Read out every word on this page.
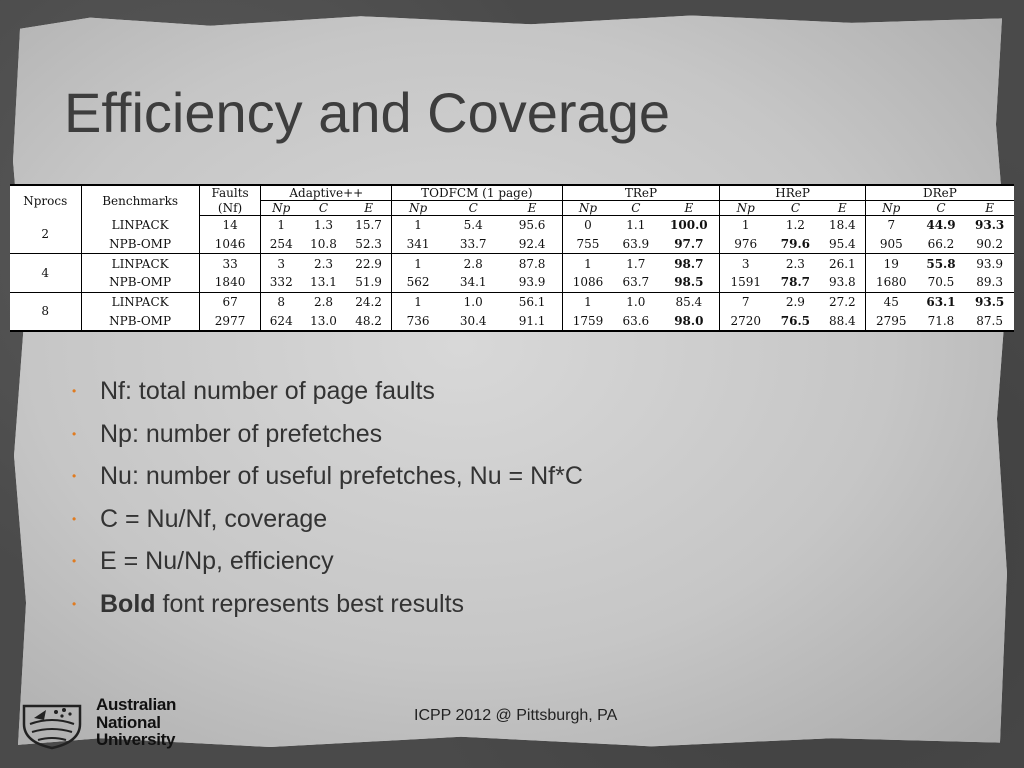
Efficiency and Coverage
Nprocs	Benchmarks	Faults	Adaptive++			TODFCM (1 page)			TReP			HReP			DReP		
		(Nf)	Np	C	E	Np	C	E	Np	C	E	Np	C	E	Np	C	E
2	LINPACK	14	1	1.3	15.7	1	5.4	95.6	0	1.1	100.0	1	1.2	18.4	7	44.9	93.3
	NPB-OMP	1046	254	10.8	52.3	341	33.7	92.4	755	63.9	97.7	976	79.6	95.4	905	66.2	90.2
4	LINPACK	33	3	2.3	22.9	1	2.8	87.8	1	1.7	98.7	3	2.3	26.1	19	55.8	93.9
	NPB-OMP	1840	332	13.1	51.9	562	34.1	93.9	1086	63.7	98.5	1591	78.7	93.8	1680	70.5	89.3
8	LINPACK	67	8	2.8	24.2	1	1.0	56.1	1	1.0	85.4	7	2.9	27.2	45	63.1	93.5
	NPB-OMP	2977	624	13.0	48.2	736	30.4	91.1	1759	63.6	98.0	2720	76.5	88.4	2795	71.8	87.5
• Nf: total number of page faults
• Np: number of prefetches
• Nu: number of useful prefetches, Nu = Nf*C
• C = Nu/Nf, coverage
• E = Nu/Np, efficiency
• Bold font represents best results
ICPP 2012 @ Pittsburgh, PA
Australian
National
University
